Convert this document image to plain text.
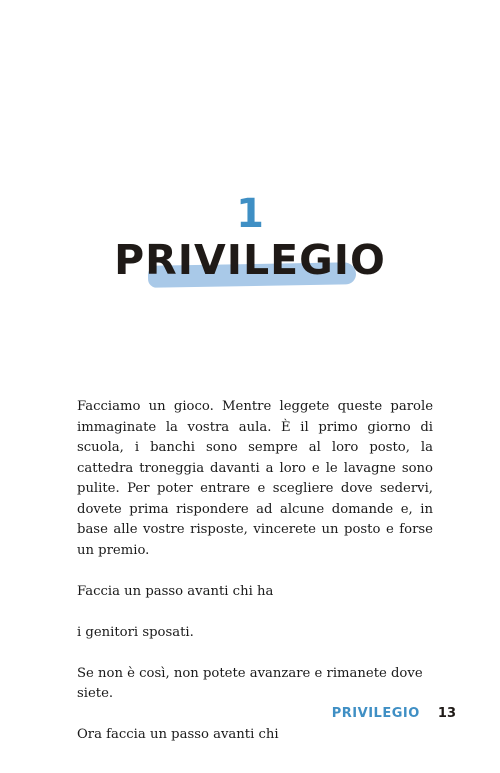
1
PRIVILEGIO

Facciamo un gioco. Mentre leggete queste parole immaginate la vostra aula. È il primo giorno di scuola, i banchi sono sempre al loro posto, la cattedra troneggia davanti a loro e le lavagne sono pulite. Per poter entrare e scegliere dove sedervi, dovete prima rispondere ad alcune domande e, in base alle vostre risposte, vincerete un posto e forse un premio.

Faccia un passo avanti chi ha

i genitori sposati.

Se non è così, non potete avanzare e rimanete dove siete.

Ora faccia un passo avanti chi

PRIVILEGIO 13
